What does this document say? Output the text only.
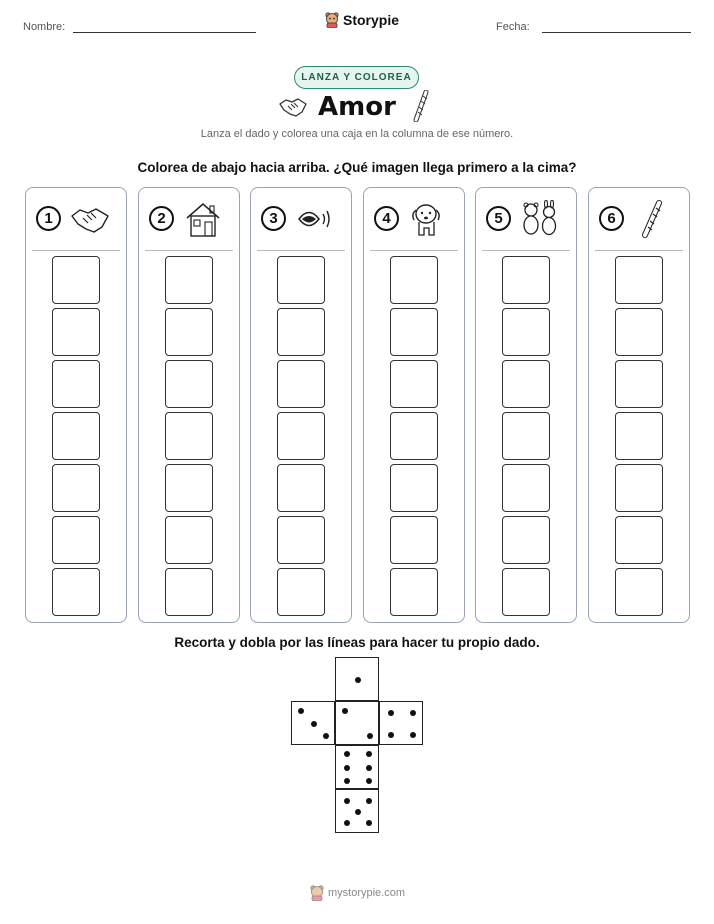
Nombre:	Storypie	Fecha:
LANZA Y COLOREA
Amor
Lanza el dado y colorea una caja en la columna de ese número.
Colorea de abajo hacia arriba. ¿Qué imagen llega primero a la cima?
1	2	3	4	5	6
Recorta y dobla por las líneas para hacer tu propio dado.
mystorypie.com
